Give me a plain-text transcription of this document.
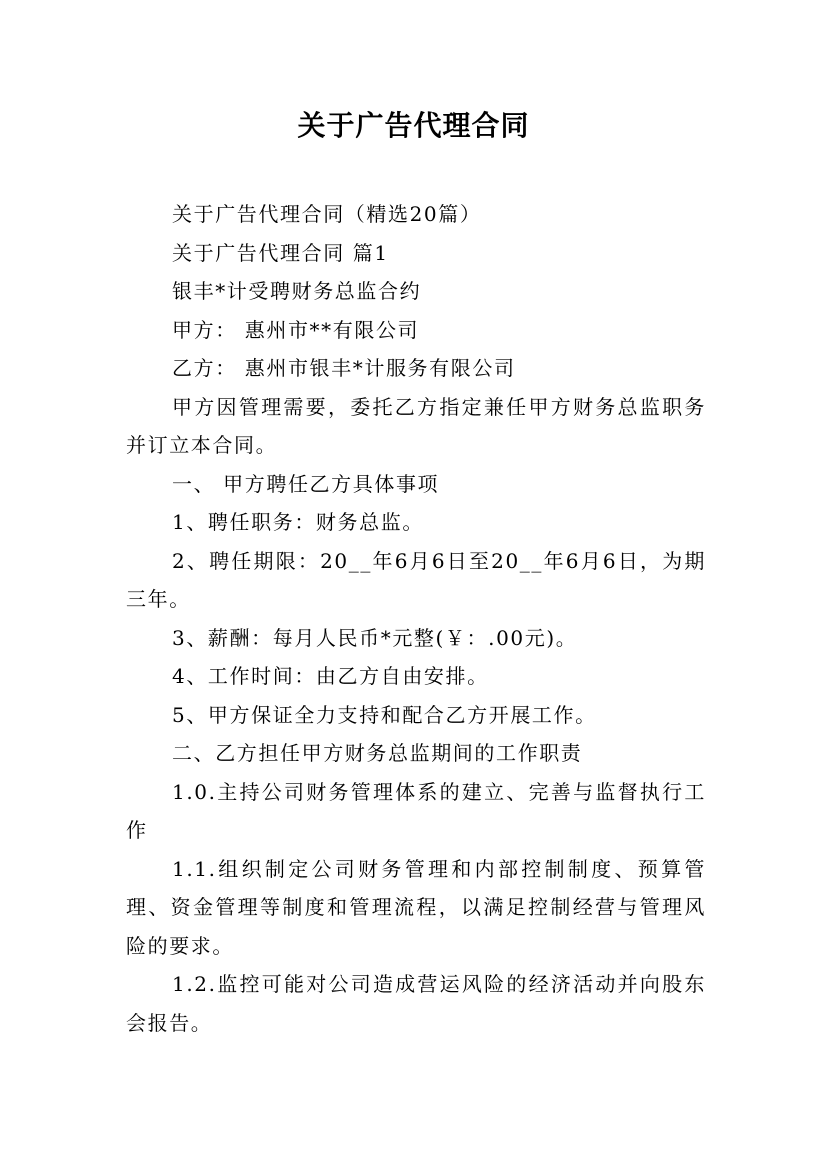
关于广告代理合同

关于广告代理合同（精选20篇）

关于广告代理合同 篇1

银丰*计受聘财务总监合约

甲方： 惠州市**有限公司

乙方： 惠州市银丰*计服务有限公司

甲方因管理需要，委托乙方指定兼任甲方财务总监职务并订立本合同。

一、 甲方聘任乙方具体事项

1、聘任职务：财务总监。

2、聘任期限：20__年6月6日至20__年6月6日，为期三年。

3、薪酬：每月人民币*元整(￥：.00元)。

4、工作时间：由乙方自由安排。

5、甲方保证全力支持和配合乙方开展工作。

二、乙方担任甲方财务总监期间的工作职责

1.0.主持公司财务管理体系的建立、完善与监督执行工作

1.1.组织制定公司财务管理和内部控制制度、预算管理、资金管理等制度和管理流程，以满足控制经营与管理风险的要求。

1.2.监控可能对公司造成营运风险的经济活动并向股东会报告。
